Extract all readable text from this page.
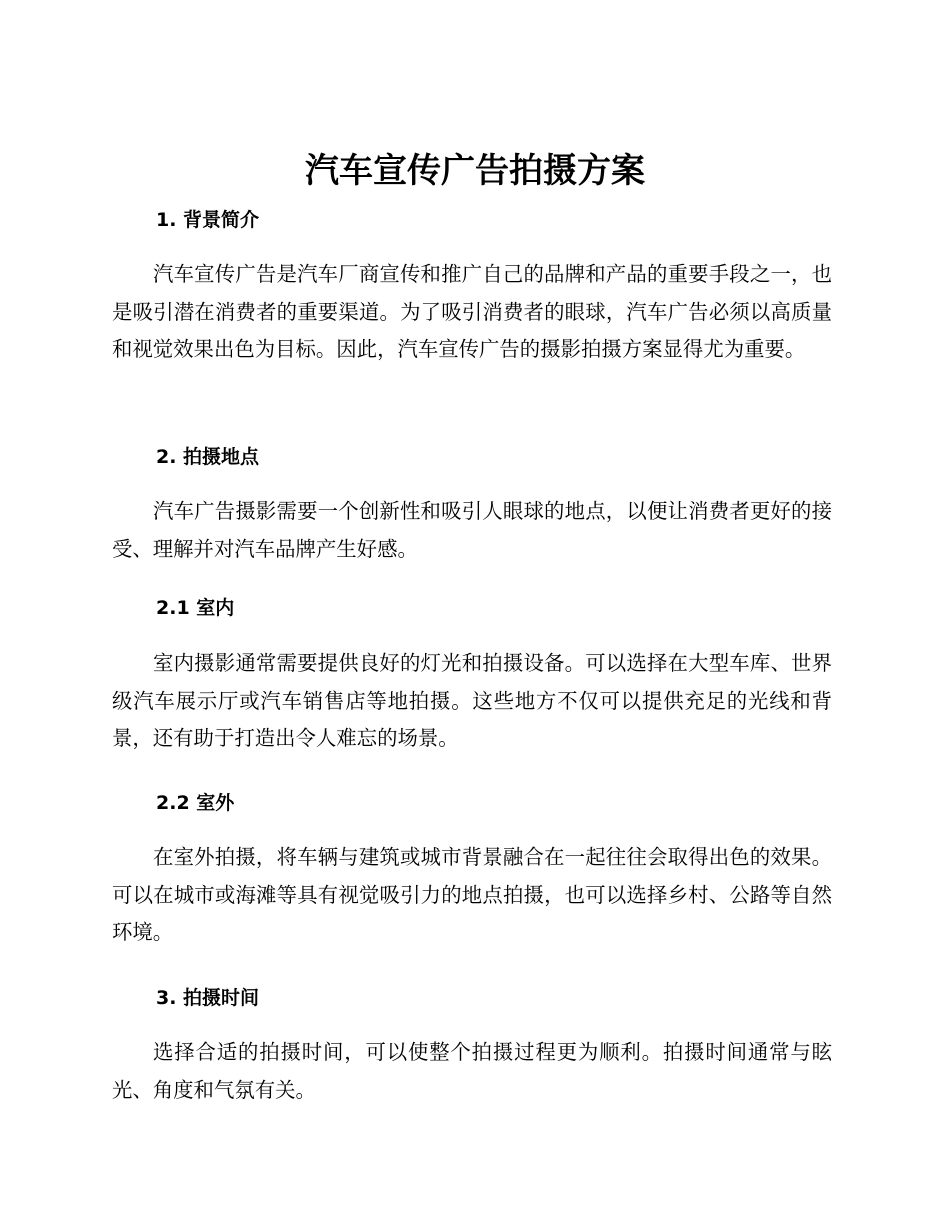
汽车宣传广告拍摄方案
1. 背景简介

汽车宣传广告是汽车厂商宣传和推广自己的品牌和产品的重要手段之一，也是吸引潜在消费者的重要渠道。为了吸引消费者的眼球，汽车广告必须以高质量和视觉效果出色为目标。因此，汽车宣传广告的摄影拍摄方案显得尤为重要。

2. 拍摄地点

汽车广告摄影需要一个创新性和吸引人眼球的地点，以便让消费者更好的接受、理解并对汽车品牌产生好感。

2.1 室内

室内摄影通常需要提供良好的灯光和拍摄设备。可以选择在大型车库、世界级汽车展示厅或汽车销售店等地拍摄。这些地方不仅可以提供充足的光线和背景，还有助于打造出令人难忘的场景。

2.2 室外

在室外拍摄，将车辆与建筑或城市背景融合在一起往往会取得出色的效果。可以在城市或海滩等具有视觉吸引力的地点拍摄，也可以选择乡村、公路等自然环境。

3. 拍摄时间

选择合适的拍摄时间，可以使整个拍摄过程更为顺利。拍摄时间通常与眩光、角度和气氛有关。
